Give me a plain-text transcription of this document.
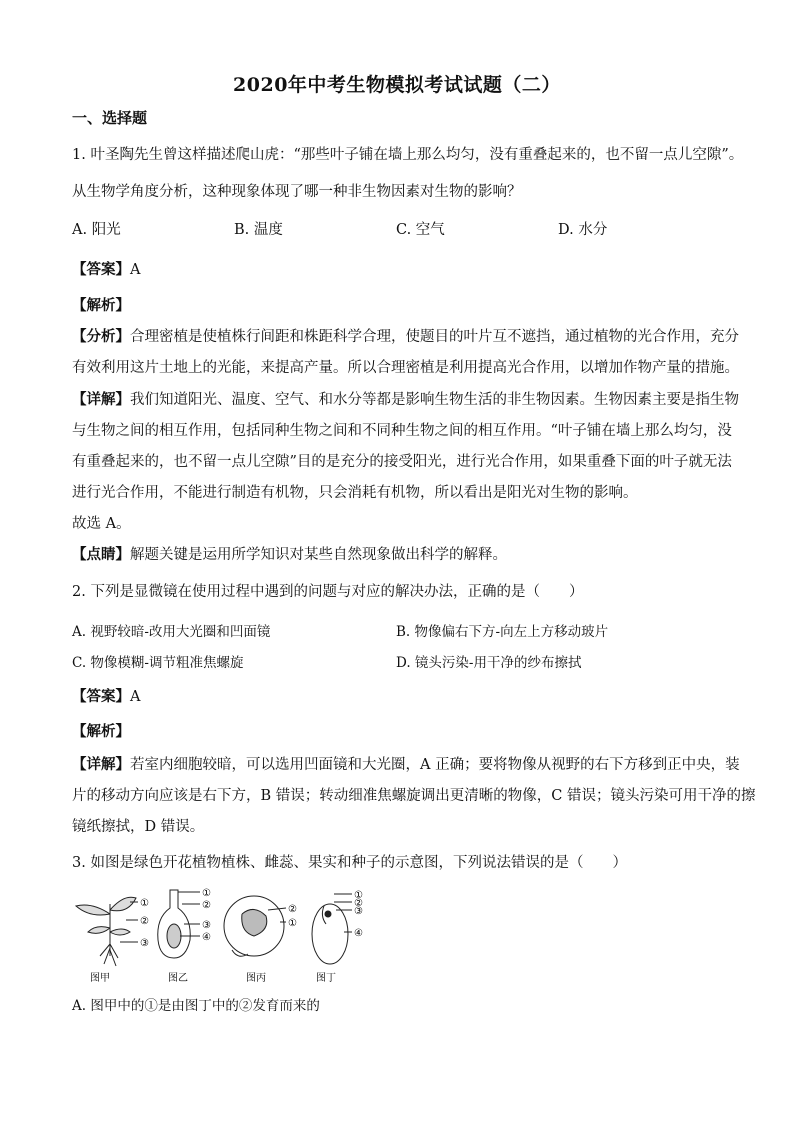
2020年中考生物模拟考试试题（二）
一、选择题
1. 叶圣陶先生曾这样描述爬山虎：“那些叶子铺在墙上那么均匀，没有重叠起来的，也不留一点儿空隙”。
从生物学角度分析，这种现象体现了哪一种非生物因素对生物的影响？
A. 阳光	B. 温度	C. 空气	D. 水分
【答案】A
【解析】
【分析】合理密植是使植株行间距和株距科学合理，使题目的叶片互不遮挡，通过植物的光合作用，充分
有效利用这片土地上的光能，来提高产量。所以合理密植是利用提高光合作用，以增加作物产量的措施。
【详解】我们知道阳光、温度、空气、和水分等都是影响生物生活的非生物因素。生物因素主要是指生物
与生物之间的相互作用，包括同种生物之间和不同种生物之间的相互作用。“叶子铺在墙上那么均匀，没
有重叠起来的，也不留一点儿空隙”目的是充分的接受阳光，进行光合作用，如果重叠下面的叶子就无法
进行光合作用，不能进行制造有机物，只会消耗有机物，所以看出是阳光对生物的影响。
故选 A。
【点睛】解题关键是运用所学知识对某些自然现象做出科学的解释。
2. 下列是显微镜在使用过程中遇到的问题与对应的解决办法，正确的是（　　）
A. 视野较暗-改用大光圈和凹面镜	B. 物像偏右下方-向左上方移动玻片
C. 物像模糊-调节粗准焦螺旋	D. 镜头污染-用干净的纱布擦拭
【答案】A
【解析】
【详解】若室内细胞较暗，可以选用凹面镜和大光圈，A 正确；要将物像从视野的右下方移到正中央，装
片的移动方向应该是右下方，B 错误；转动细准焦螺旋调出更清晰的物像，C 错误；镜头污染可用干净的擦
镜纸擦拭，D 错误。
3. 如图是绿色开花植物植株、雌蕊、果实和种子的示意图，下列说法错误的是（　　）
①
②
③
图甲
①
②
③
④
图乙
②
①
图丙
①
②
③
④
图丁
A. 图甲中的①是由图丁中的②发育而来的
